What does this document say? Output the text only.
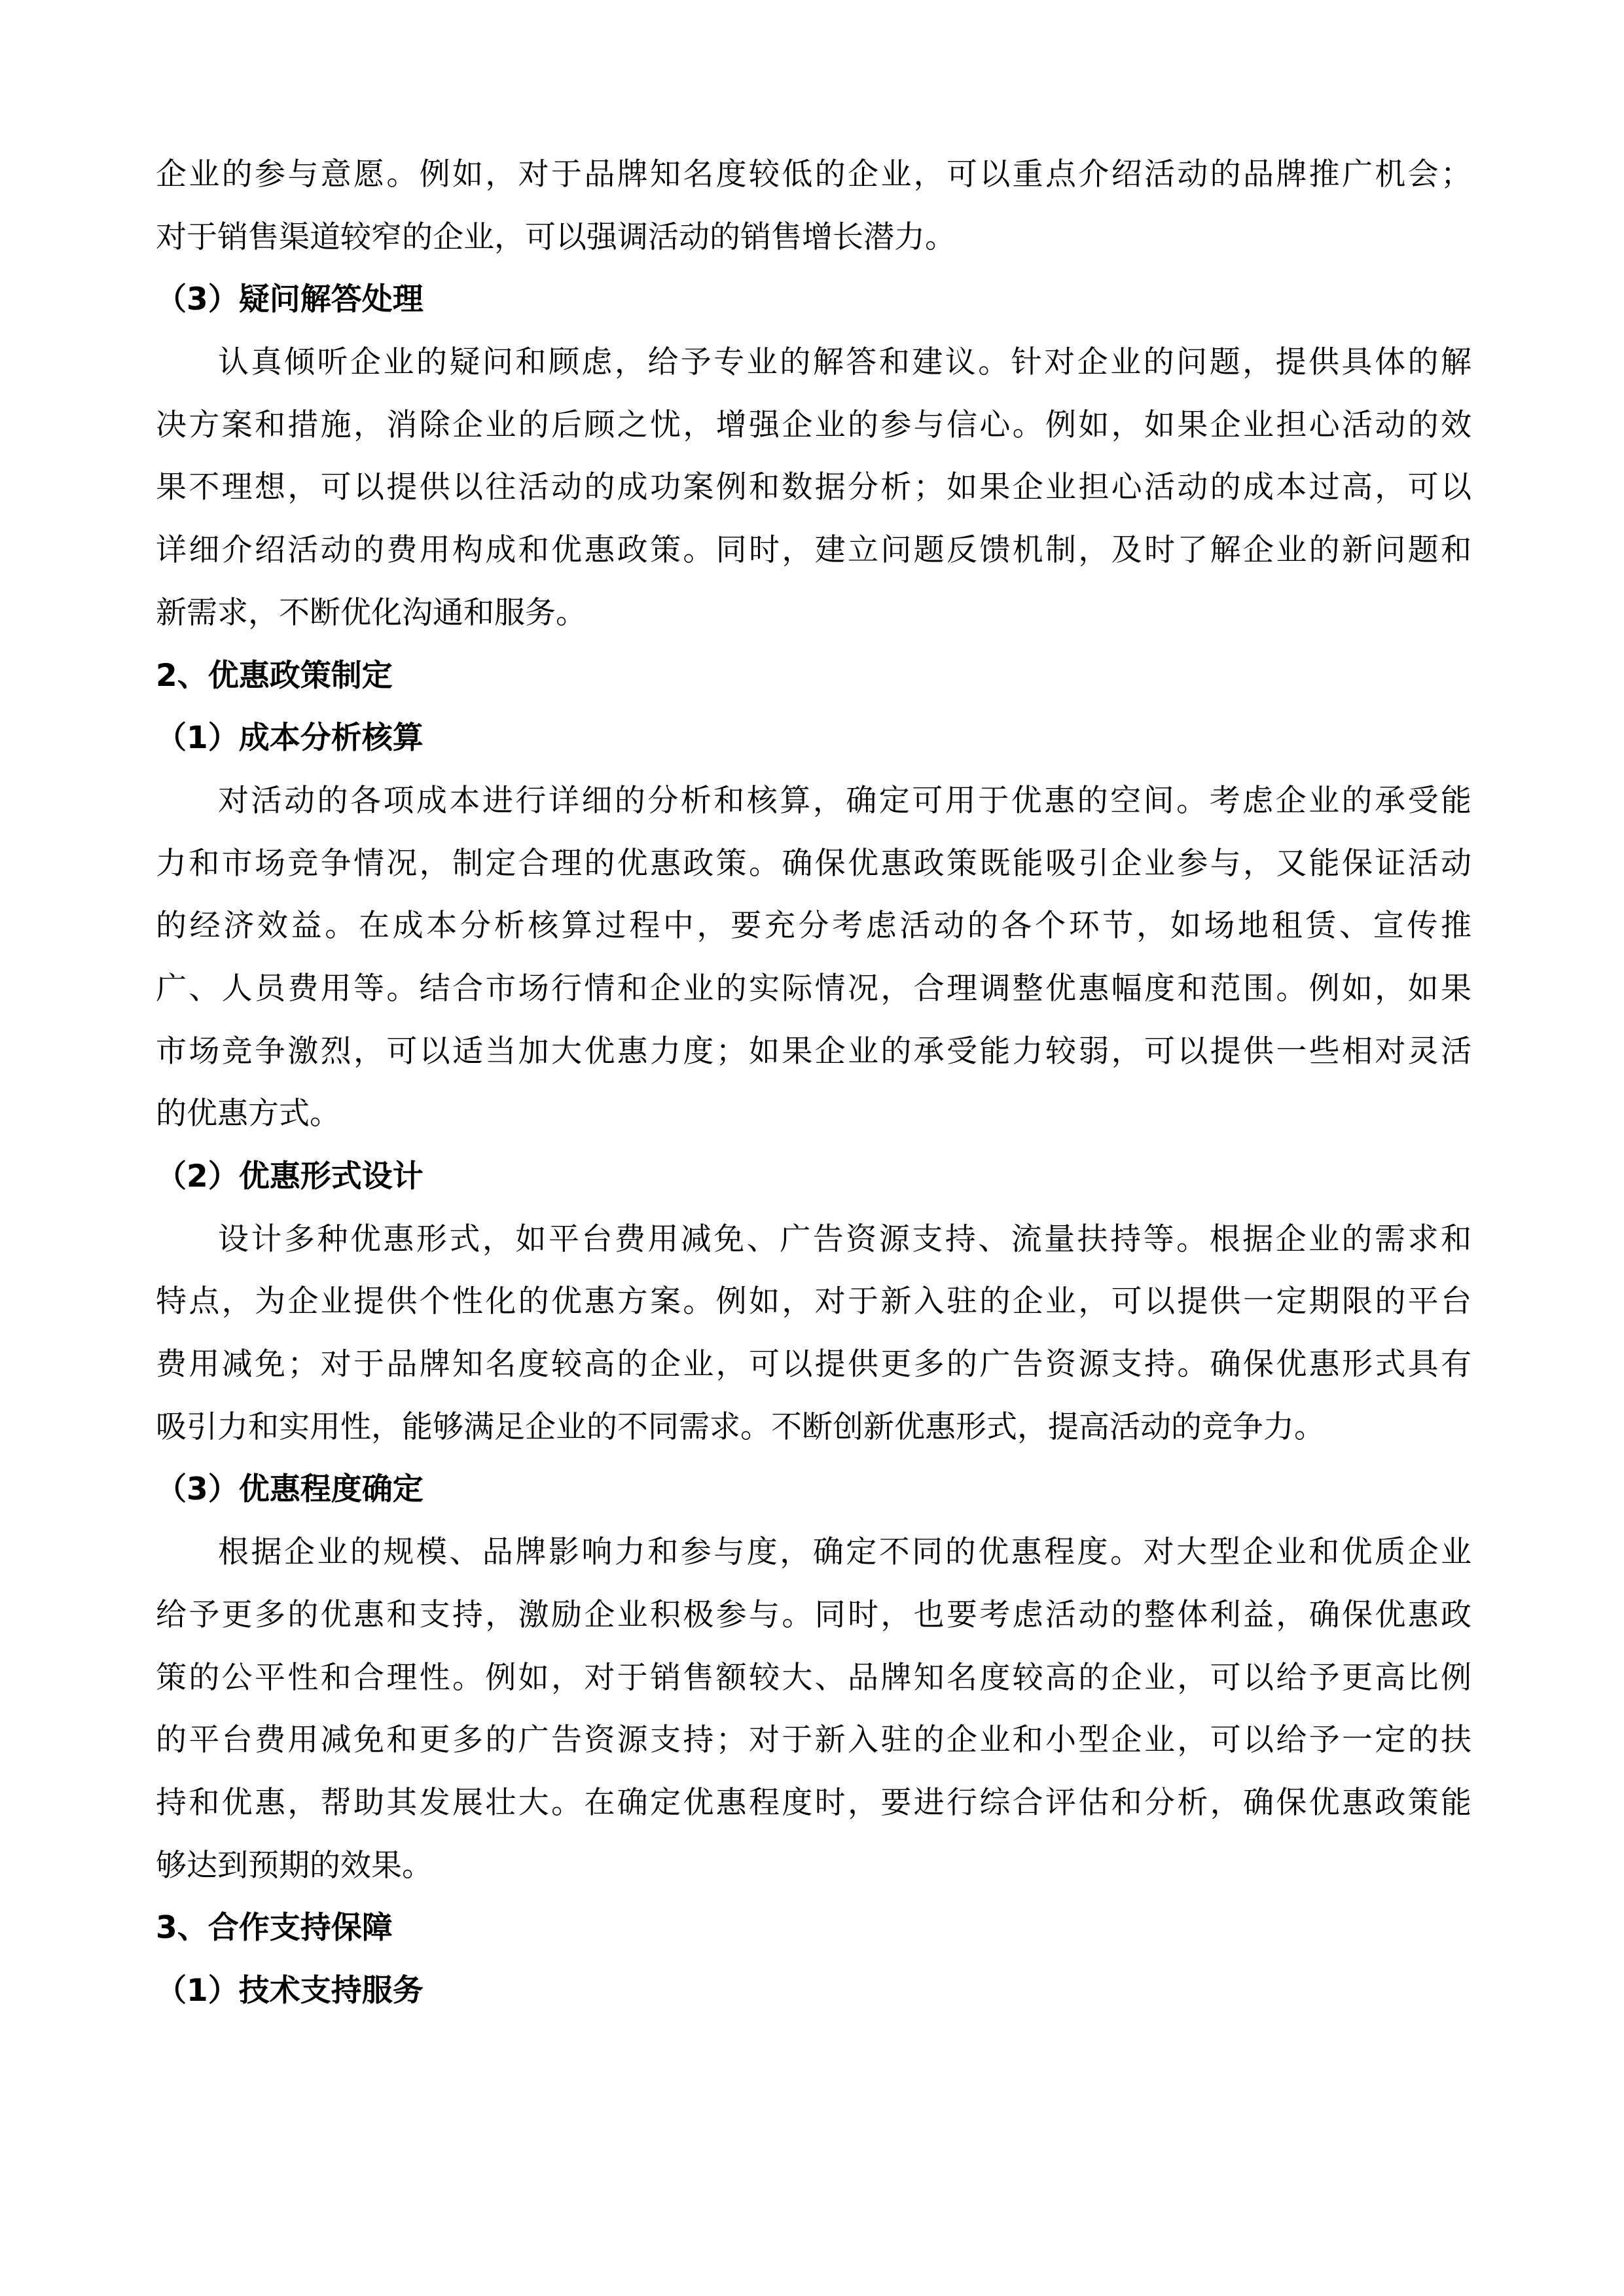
企业的参与意愿。例如，对于品牌知名度较低的企业，可以重点介绍活动的品牌推广机会；
对于销售渠道较窄的企业，可以强调活动的销售增长潜力。
（3）疑问解答处理
认真倾听企业的疑问和顾虑，给予专业的解答和建议。针对企业的问题，提供具体的解
决方案和措施，消除企业的后顾之忧，增强企业的参与信心。例如，如果企业担心活动的效
果不理想，可以提供以往活动的成功案例和数据分析；如果企业担心活动的成本过高，可以
详细介绍活动的费用构成和优惠政策。同时，建立问题反馈机制，及时了解企业的新问题和
新需求，不断优化沟通和服务。
2、优惠政策制定
（1）成本分析核算
对活动的各项成本进行详细的分析和核算，确定可用于优惠的空间。考虑企业的承受能
力和市场竞争情况，制定合理的优惠政策。确保优惠政策既能吸引企业参与，又能保证活动
的经济效益。在成本分析核算过程中，要充分考虑活动的各个环节，如场地租赁、宣传推
广、人员费用等。结合市场行情和企业的实际情况，合理调整优惠幅度和范围。例如，如果
市场竞争激烈，可以适当加大优惠力度；如果企业的承受能力较弱，可以提供一些相对灵活
的优惠方式。
（2）优惠形式设计
设计多种优惠形式，如平台费用减免、广告资源支持、流量扶持等。根据企业的需求和
特点，为企业提供个性化的优惠方案。例如，对于新入驻的企业，可以提供一定期限的平台
费用减免；对于品牌知名度较高的企业，可以提供更多的广告资源支持。确保优惠形式具有
吸引力和实用性，能够满足企业的不同需求。不断创新优惠形式，提高活动的竞争力。
（3）优惠程度确定
根据企业的规模、品牌影响力和参与度，确定不同的优惠程度。对大型企业和优质企业
给予更多的优惠和支持，激励企业积极参与。同时，也要考虑活动的整体利益，确保优惠政
策的公平性和合理性。例如，对于销售额较大、品牌知名度较高的企业，可以给予更高比例
的平台费用减免和更多的广告资源支持；对于新入驻的企业和小型企业，可以给予一定的扶
持和优惠，帮助其发展壮大。在确定优惠程度时，要进行综合评估和分析，确保优惠政策能
够达到预期的效果。
3、合作支持保障
（1）技术支持服务
